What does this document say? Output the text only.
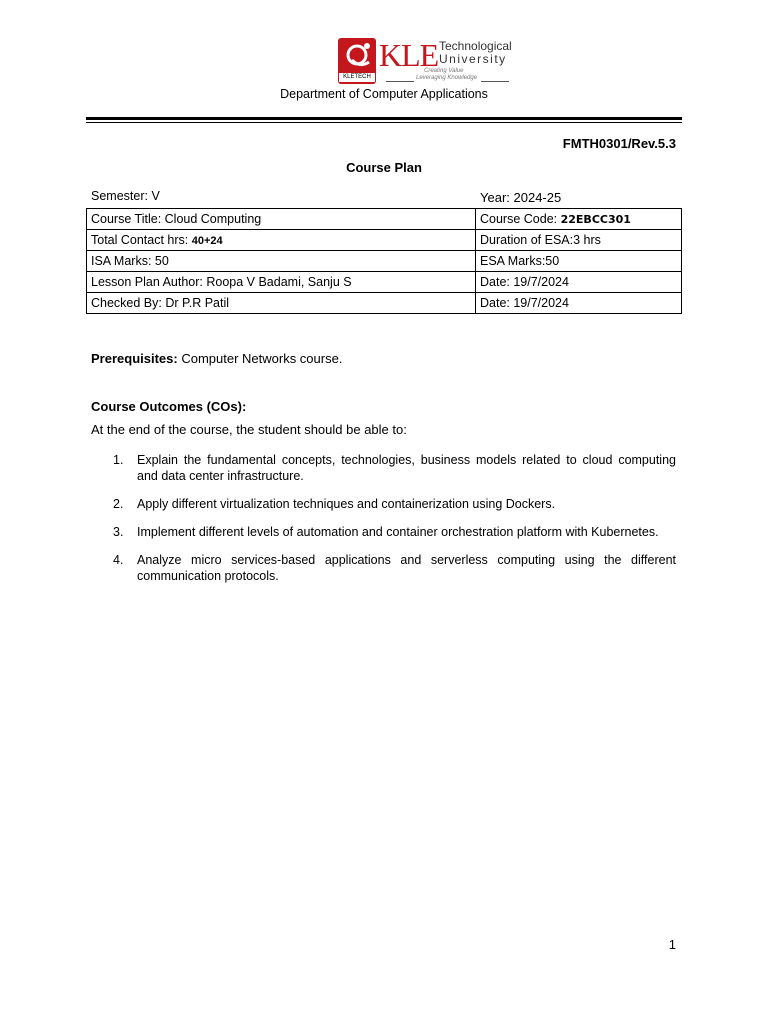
KLETECH
KLE Technological
University
Creating Value
Leveraging Knowledge
Department of Computer Applications
FMTH0301/Rev.5.3
Course Plan
Semester: V	Year: 2024-25
Course Title: Cloud Computing	Course Code: 22EBCC301
Total Contact hrs: 40+24	Duration of ESA:3 hrs
ISA Marks: 50	ESA Marks:50
Lesson Plan Author: Roopa V Badami, Sanju S	Date: 19/7/2024
Checked By: Dr P.R Patil	Date: 19/7/2024
Prerequisites: Computer Networks course.
Course Outcomes (COs):
At the end of the course, the student should be able to:
1. Explain the fundamental concepts, technologies, business models related to cloud computing and data center infrastructure.
2. Apply different virtualization techniques and containerization using Dockers.
3. Implement different levels of automation and container orchestration platform with Kubernetes.
4. Analyze micro services-based applications and serverless computing using the different communication protocols.
1
